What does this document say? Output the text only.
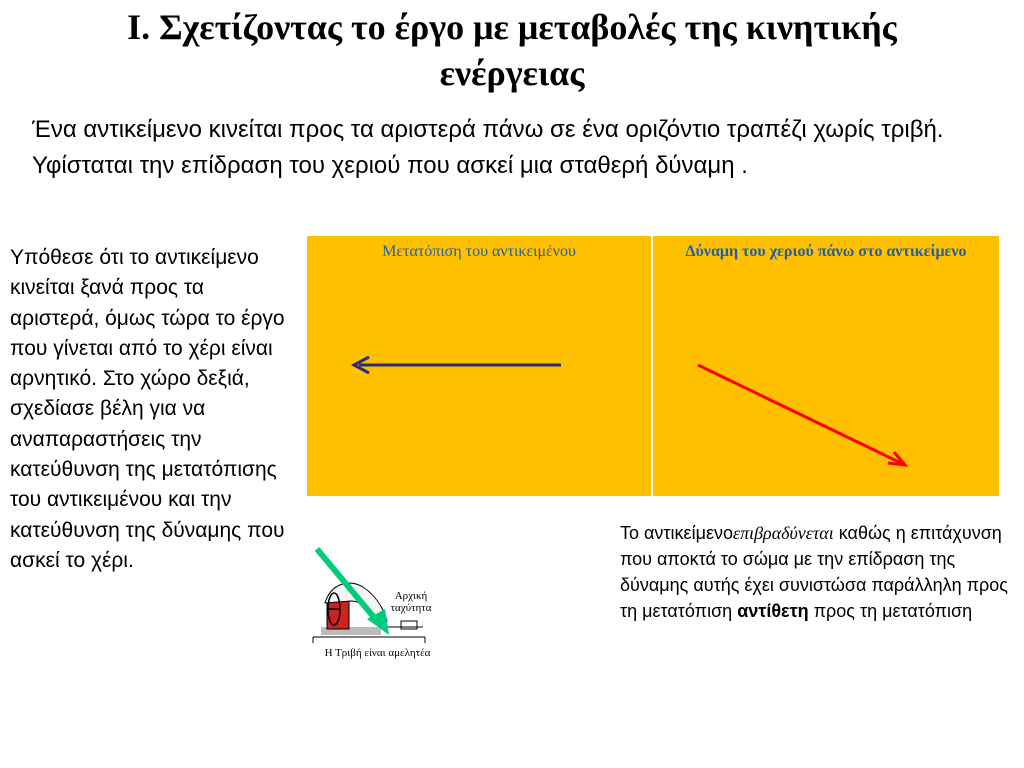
Ι. Σχετίζοντας το έργο με μεταβολές της κινητικής ενέργειας
Ένα αντικείμενο κινείται προς τα αριστερά πάνω σε ένα οριζόντιο τραπέζι χωρίς τριβή. Υφίσταται την επίδραση του χεριού που ασκεί μια σταθερή δύναμη .
Υπόθεσε ότι το αντικείμενο κινείται ξανά προς τα αριστερά, όμως τώρα το έργο που γίνεται από το χέρι είναι αρνητικό. Στο χώρο δεξιά, σχεδίασε βέλη για να αναπαραστήσεις την κατεύθυνση της μετατόπισης του αντικειμένου και την κατεύθυνση της δύναμης που ασκεί το χέρι.
Μετατόπιση του αντικειμένου	Δύναμη του χεριού πάνω στο αντικείμενο
Αρχική ταχύτητα
Η Τριβή είναι αμελητέα
Το αντικείμενοεπιβραδύνεται καθώς η επιτάχυνση που αποκτά το σώμα με την επίδραση της δύναμης αυτής έχει συνιστώσα παράλληλη προς τη μετατόπιση αντίθετη προς τη μετατόπιση
